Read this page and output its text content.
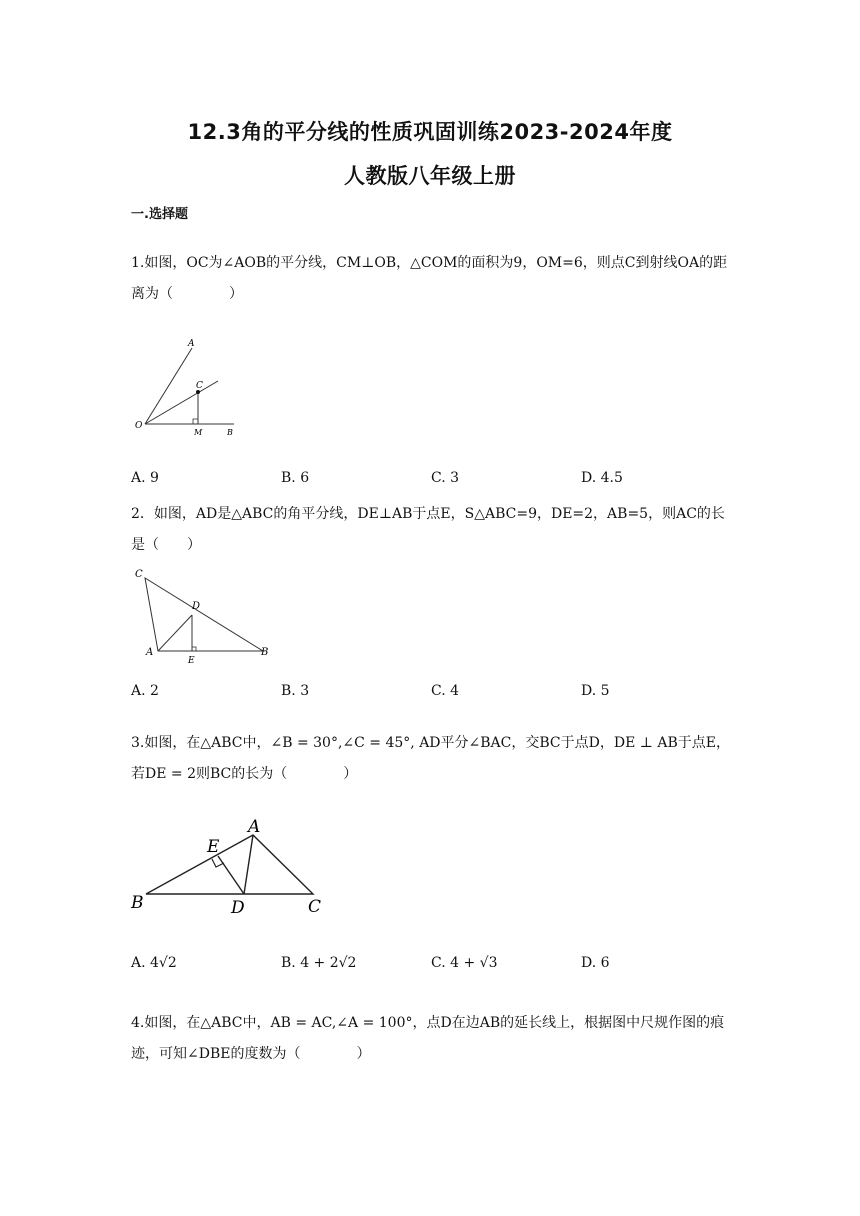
12.3角的平分线的性质巩固训练2023-2024年度
人教版八年级上册
一.选择题
1.如图，OC为∠AOB的平分线，CM⊥OB，△COM的面积为9，OM=6，则点C到射线OA的距离为（　　　　）
A
C
O
M	B
A. 9	B. 6	C. 3	D. 4.5
2．如图，AD是△ABC的角平分线，DE⊥AB于点E，S△ABC=9，DE=2，AB=5，则AC的长是（　　）
C
D
A
E
B
A. 2	B. 3	C. 4	D. 5
3.如图，在△ABC中，∠B = 30°,∠C = 45°, AD平分∠BAC，交BC于点D，DE ⊥ AB于点E，若DE = 2则BC的长为（　　　　）
A
E
B	D	C
A. 4√2	B. 4 + 2√2	C. 4 + √3	D. 6
4.如图，在△ABC中，AB = AC,∠A = 100°，点D在边AB的延长线上，根据图中尺规作图的痕迹，可知∠DBE的度数为（　　　　）
